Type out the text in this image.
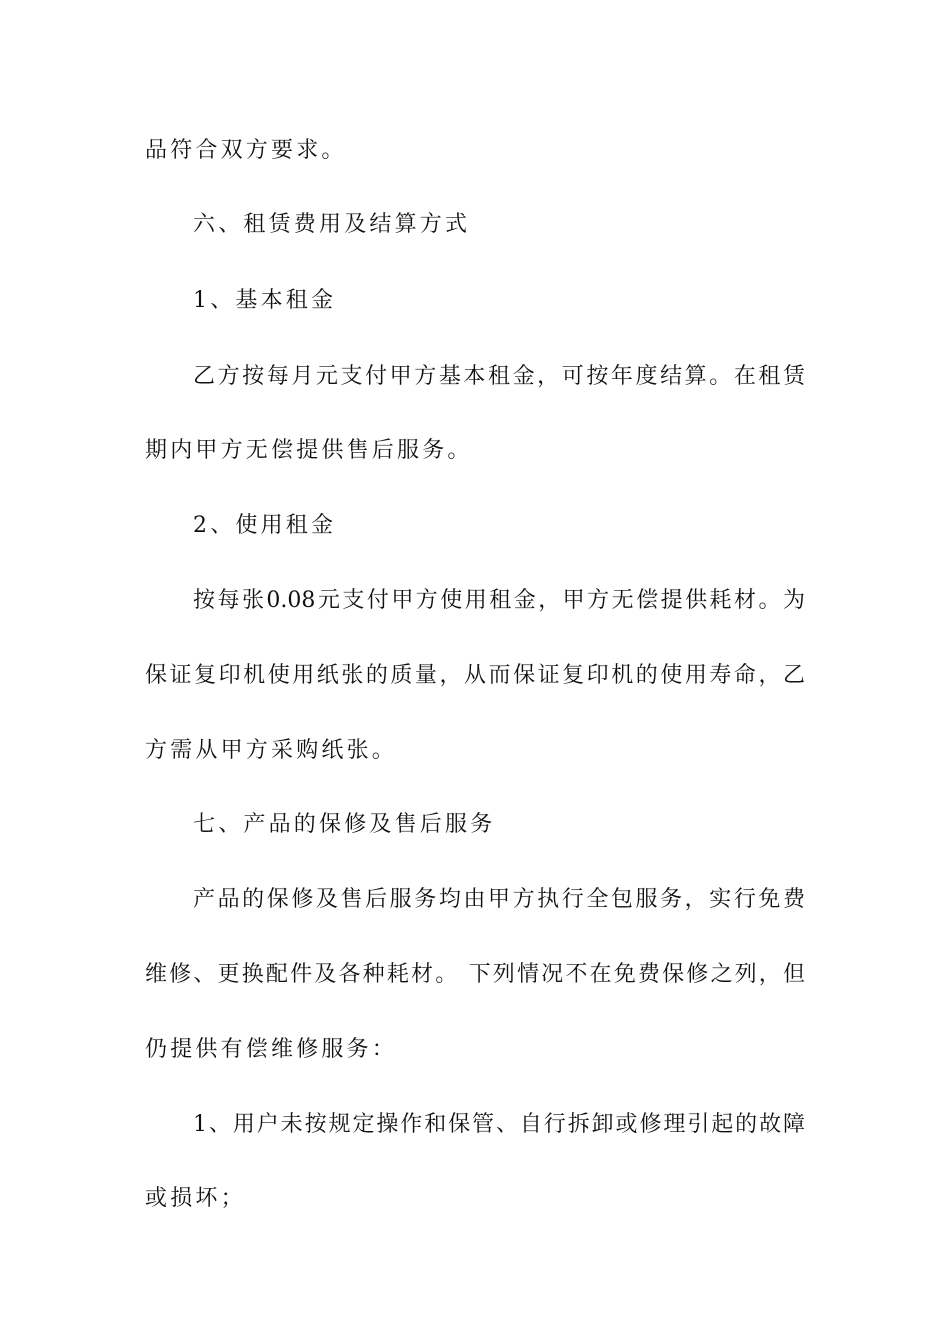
品符合双方要求。
六、租赁费用及结算方式
1、基本租金
乙方按每月元支付甲方基本租金，可按年度结算。在租赁
期内甲方无偿提供售后服务。
2、使用租金
按每张0.08元支付甲方使用租金，甲方无偿提供耗材。为
保证复印机使用纸张的质量，从而保证复印机的使用寿命，乙
方需从甲方采购纸张。
七、产品的保修及售后服务
产品的保修及售后服务均由甲方执行全包服务，实行免费
维修、更换配件及各种耗材。 下列情况不在免费保修之列，但
仍提供有偿维修服务：
1、用户未按规定操作和保管、自行拆卸或修理引起的故障
或损坏；
